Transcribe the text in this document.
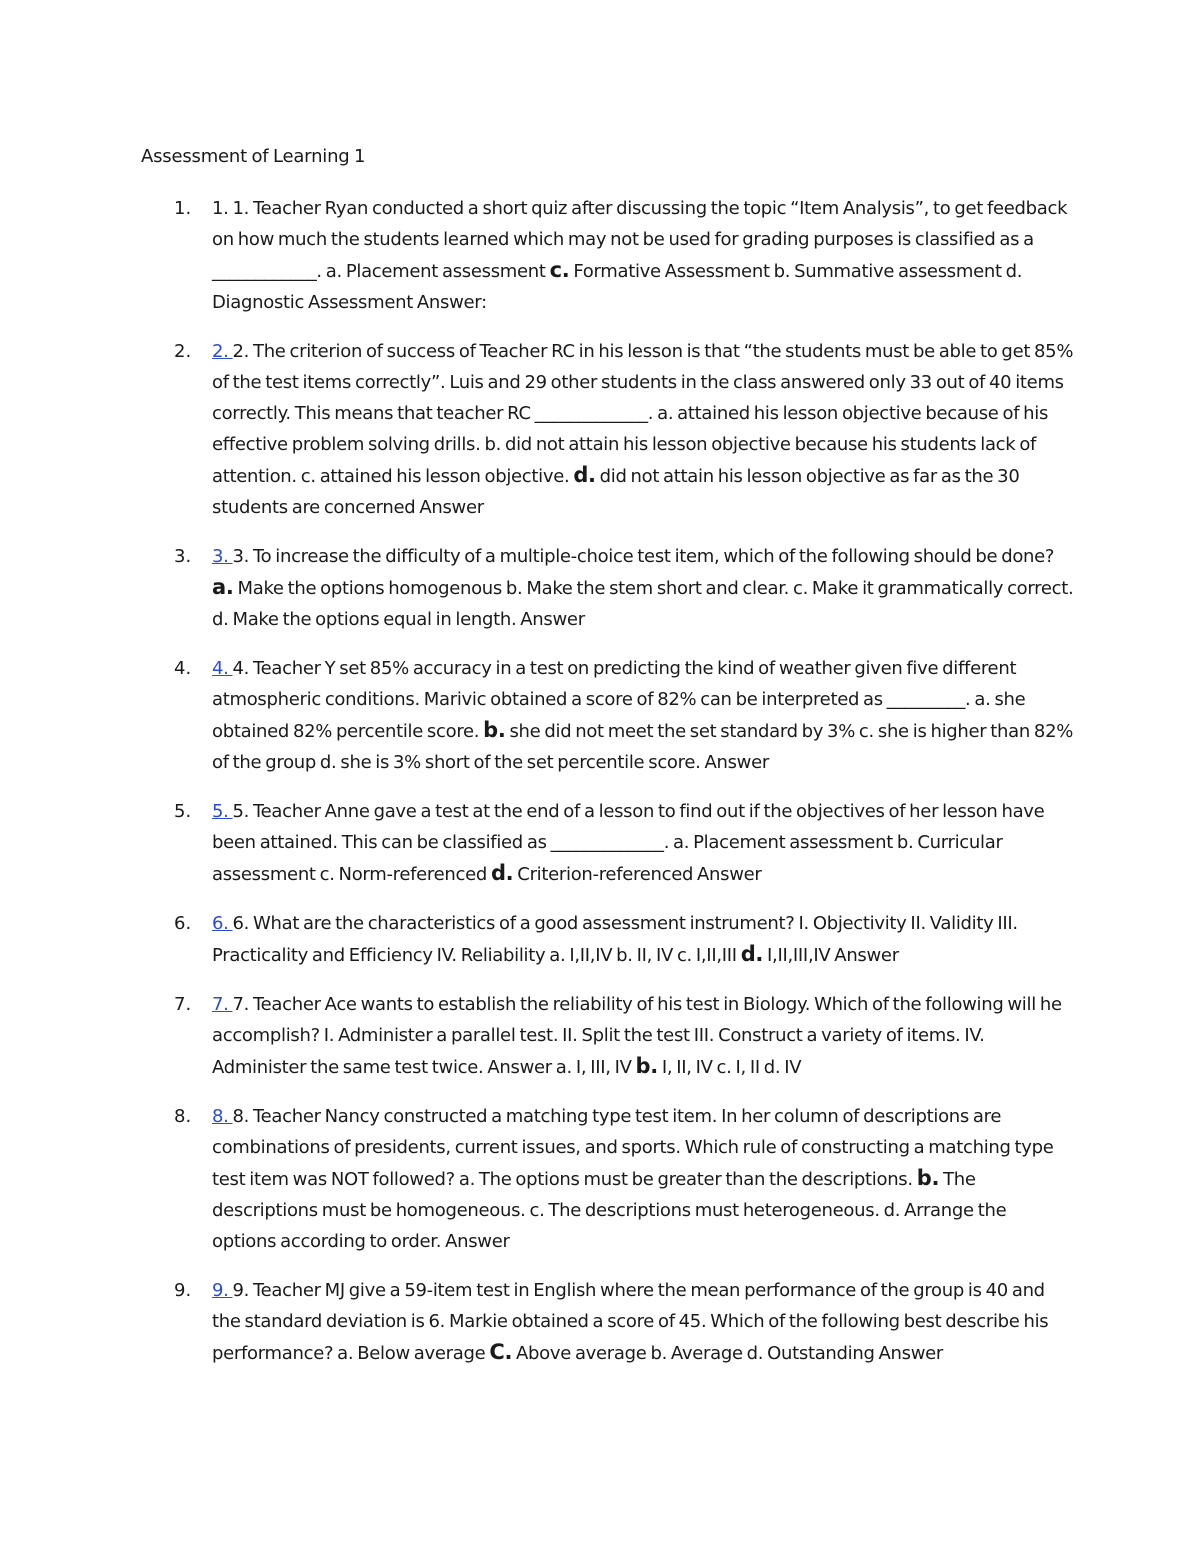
Assessment of Learning 1
1. 1. 1. Teacher Ryan conducted a short quiz after discussing the topic “Item Analysis”, to get feedback on how much the students learned which may not be used for grading purposes is classified as a ____________. a. Placement assessment c. Formative Assessment b. Summative assessment d. Diagnostic Assessment Answer:
2. 2. 2. The criterion of success of Teacher RC in his lesson is that “the students must be able to get 85% of the test items correctly”. Luis and 29 other students in the class answered only 33 out of 40 items correctly. This means that teacher RC _____________. a. attained his lesson objective because of his effective problem solving drills. b. did not attain his lesson objective because his students lack of attention. c. attained his lesson objective. d. did not attain his lesson objective as far as the 30 students are concerned Answer
3. 3. 3. To increase the difficulty of a multiple-choice test item, which of the following should be done? a. Make the options homogenous b. Make the stem short and clear. c. Make it grammatically correct. d. Make the options equal in length. Answer
4. 4. 4. Teacher Y set 85% accuracy in a test on predicting the kind of weather given five different atmospheric conditions. Marivic obtained a score of 82% can be interpreted as _________. a. she obtained 82% percentile score. b. she did not meet the set standard by 3% c. she is higher than 82% of the group d. she is 3% short of the set percentile score. Answer
5. 5. 5. Teacher Anne gave a test at the end of a lesson to find out if the objectives of her lesson have been attained. This can be classified as _____________. a. Placement assessment b. Curricular assessment c. Norm-referenced d. Criterion-referenced Answer
6. 6. 6. What are the characteristics of a good assessment instrument? I. Objectivity II. Validity III. Practicality and Efficiency IV. Reliability a. I,II,IV b. II, IV c. I,II,III d. I,II,III,IV Answer
7. 7. 7. Teacher Ace wants to establish the reliability of his test in Biology. Which of the following will he accomplish? I. Administer a parallel test. II. Split the test III. Construct a variety of items. IV. Administer the same test twice. Answer a. I, III, IV b. I, II, IV c. I, II d. IV
8. 8. 8. Teacher Nancy constructed a matching type test item. In her column of descriptions are combinations of presidents, current issues, and sports. Which rule of constructing a matching type test item was NOT followed? a. The options must be greater than the descriptions. b. The descriptions must be homogeneous. c. The descriptions must heterogeneous. d. Arrange the options according to order. Answer
9. 9. 9. Teacher MJ give a 59-item test in English where the mean performance of the group is 40 and the standard deviation is 6. Markie obtained a score of 45. Which of the following best describe his performance? a. Below average C. Above average b. Average d. Outstanding Answer
